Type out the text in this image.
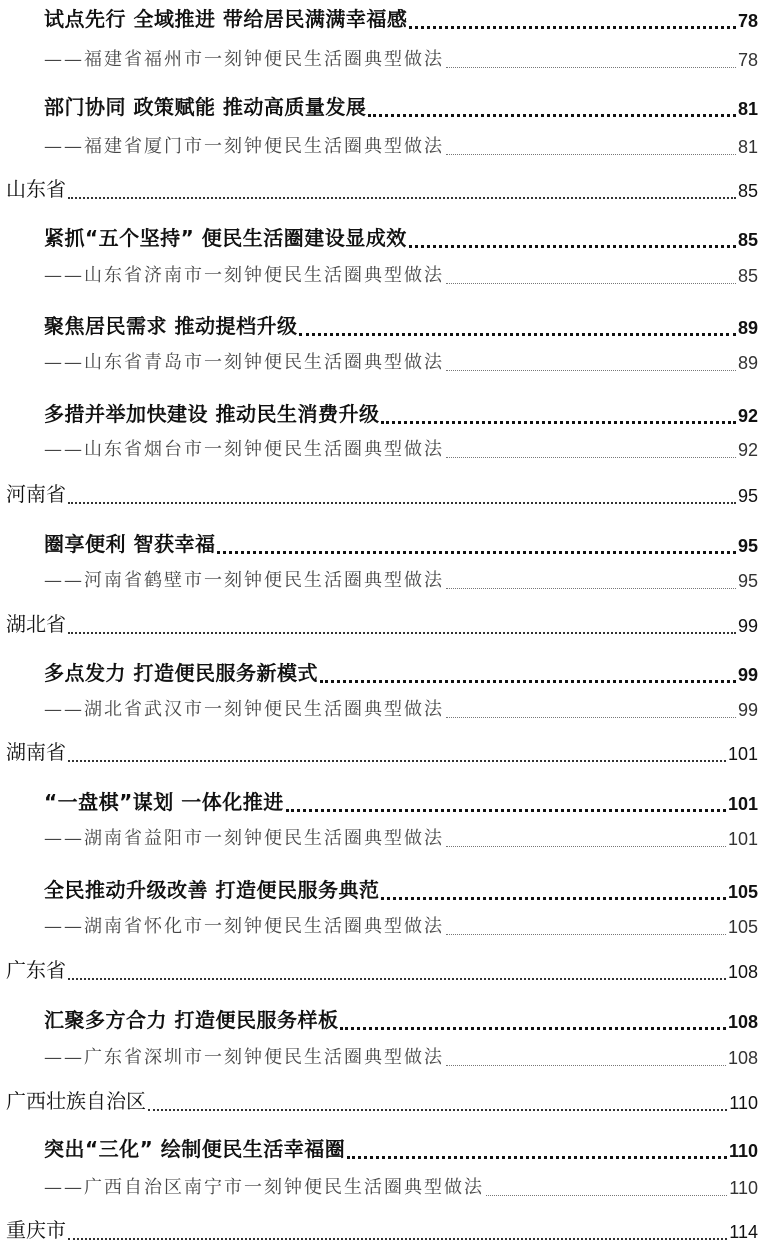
试点先行 全域推进 带给居民满满幸福感	78
——福建省福州市一刻钟便民生活圈典型做法	78
部门协同 政策赋能 推动高质量发展	81
——福建省厦门市一刻钟便民生活圈典型做法	81
山东省	85
紧抓“五个坚持” 便民生活圈建设显成效	85
——山东省济南市一刻钟便民生活圈典型做法	85
聚焦居民需求 推动提档升级	89
——山东省青岛市一刻钟便民生活圈典型做法	89
多措并举加快建设 推动民生消费升级	92
——山东省烟台市一刻钟便民生活圈典型做法	92
河南省	95
圈享便利 智获幸福	95
——河南省鹤壁市一刻钟便民生活圈典型做法	95
湖北省	99
多点发力 打造便民服务新模式	99
——湖北省武汉市一刻钟便民生活圈典型做法	99
湖南省	101
“一盘棋”谋划 一体化推进	101
——湖南省益阳市一刻钟便民生活圈典型做法	101
全民推动升级改善 打造便民服务典范	105
——湖南省怀化市一刻钟便民生活圈典型做法	105
广东省	108
汇聚多方合力 打造便民服务样板	108
——广东省深圳市一刻钟便民生活圈典型做法	108
广西壮族自治区	110
突出“三化” 绘制便民生活幸福圈	110
——广西自治区南宁市一刻钟便民生活圈典型做法	110
重庆市	114
